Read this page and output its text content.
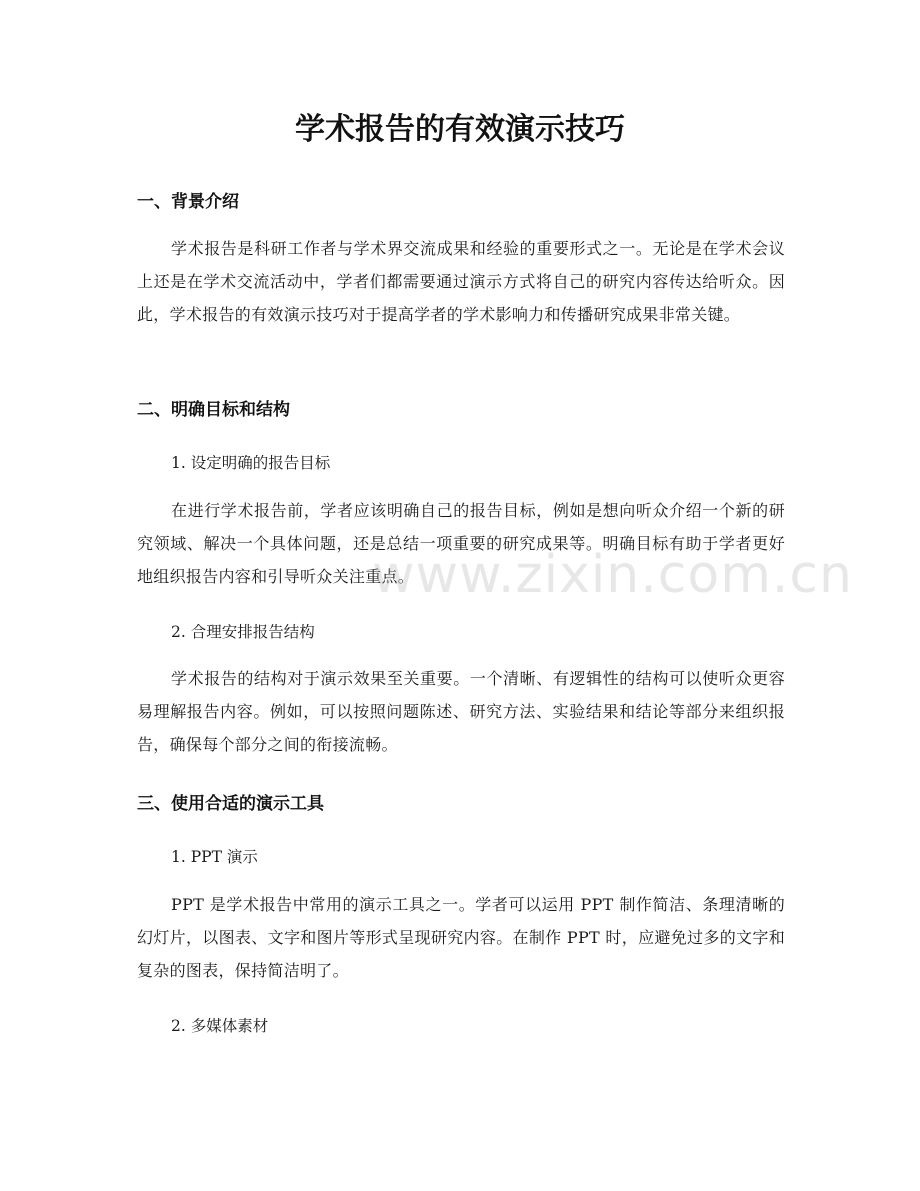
学术报告的有效演示技巧
一、背景介绍
学术报告是科研工作者与学术界交流成果和经验的重要形式之一。无论是在学术会议上还是在学术交流活动中，学者们都需要通过演示方式将自己的研究内容传达给听众。因此，学术报告的有效演示技巧对于提高学者的学术影响力和传播研究成果非常关键。
二、明确目标和结构
1. 设定明确的报告目标
在进行学术报告前，学者应该明确自己的报告目标，例如是想向听众介绍一个新的研究领域、解决一个具体问题，还是总结一项重要的研究成果等。明确目标有助于学者更好地组织报告内容和引导听众关注重点。
2. 合理安排报告结构
学术报告的结构对于演示效果至关重要。一个清晰、有逻辑性的结构可以使听众更容易理解报告内容。例如，可以按照问题陈述、研究方法、实验结果和结论等部分来组织报告，确保每个部分之间的衔接流畅。
三、使用合适的演示工具
1. PPT 演示
PPT 是学术报告中常用的演示工具之一。学者可以运用 PPT 制作简洁、条理清晰的幻灯片，以图表、文字和图片等形式呈现研究内容。在制作 PPT 时，应避免过多的文字和复杂的图表，保持简洁明了。
2. 多媒体素材
www.zixin.com.cn
